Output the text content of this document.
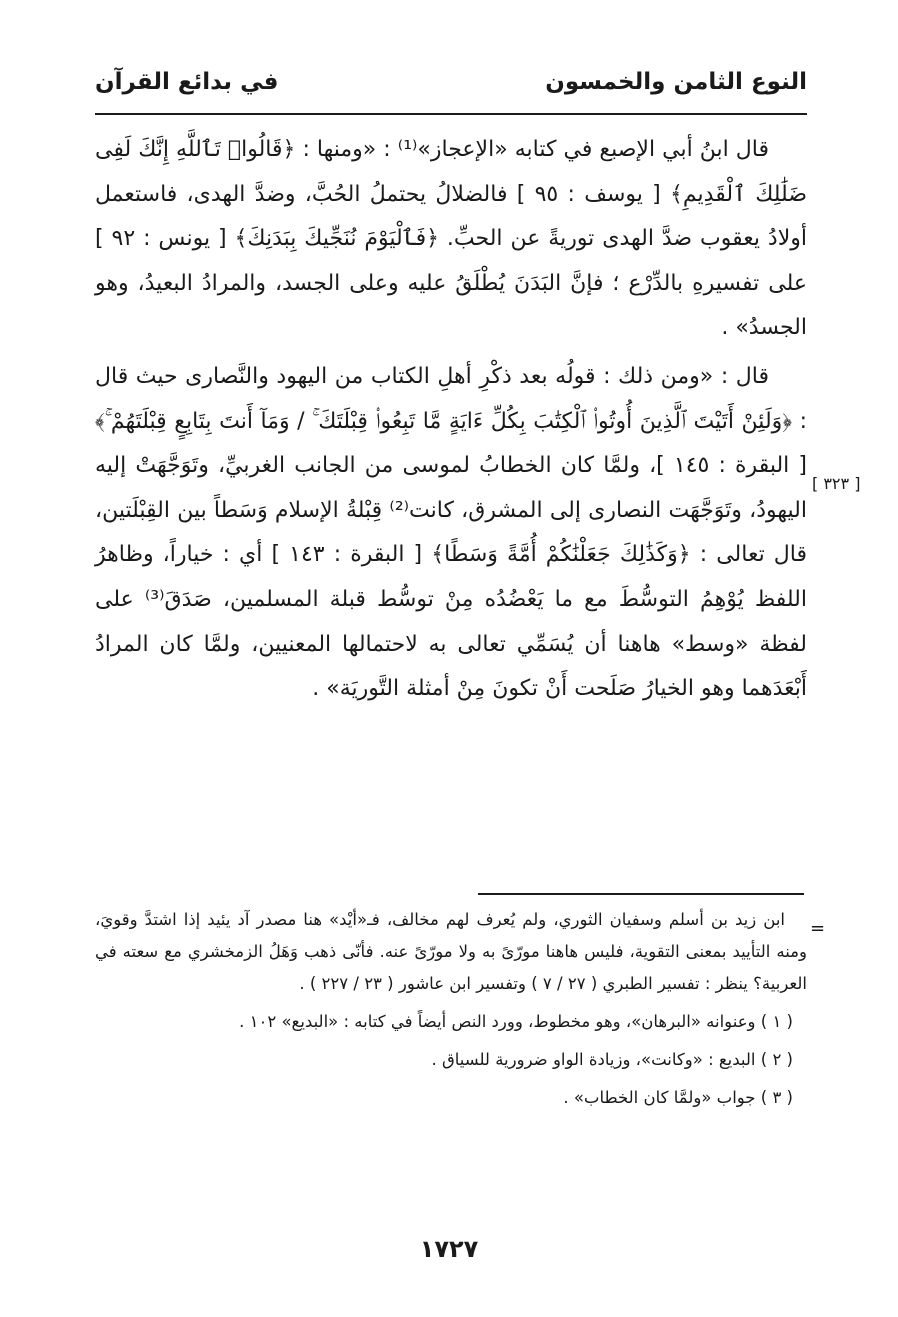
النوع الثامن والخمسون
في بدائع القرآن

قال ابنُ أبي الإصبع في كتابه «الإعجاز»⁽¹⁾ : «ومنها : ﴿قَالُوا۟ تَٱللَّهِ إِنَّكَ لَفِى ضَلَٰلِكَ ٱلْقَدِيمِ﴾ [ يوسف : ٩٥ ] فالضلالُ يحتملُ الحُبَّ، وضدَّ الهدى، فاستعمل أولادُ يعقوب ضدَّ الهدى توريةً عن الحبِّ. ﴿فَٱلْيَوْمَ نُنَجِّيكَ بِبَدَنِكَ﴾ [ يونس : ٩٢ ] على تفسيرهِ بالدِّرْع ؛ فإنَّ البَدَنَ يُطْلَقُ عليه وعلى الجسد، والمرادُ البعيدُ، وهو الجسدُ» .

قال : «ومن ذلك : قولُه بعد ذكْرِ أهلِ الكتاب من اليهود والنَّصارى حيث قال : ﴿وَلَئِنْ أَتَيْتَ ٱلَّذِينَ أُوتُوا۟ ٱلْكِتَٰبَ بِكُلِّ ءَايَةٍ مَّا تَبِعُوا۟ قِبْلَتَكَ ۚ / وَمَآ أَنتَ بِتَابِعٍ قِبْلَتَهُمْ ۚ﴾ [ البقرة : ١٤٥ ]، ولمَّا كان الخطابُ لموسى من الجانب الغربيِّ، وتَوَجَّهَتْ إليه اليهودُ، وتَوَجَّهَت النصارى إلى المشرق، كانت⁽²⁾ قِبْلةُ الإسلام وَسَطاً بين القِبْلَتين، قال تعالى : ﴿وَكَذَٰلِكَ جَعَلْنَٰكُمْ أُمَّةً وَسَطًا﴾ [ البقرة : ١٤٣ ] أي : خياراً، وظاهرُ اللفظ يُوْهِمُ التوسُّطَ مع ما يَعْضُدُه مِنْ توسُّط قبلة المسلمين، صَدَقَ⁽³⁾ على لفظة «وسط» هاهنا أن يُسَمِّي تعالى به لاحتمالها المعنيين، ولمَّا كان المرادُ أَبْعَدَهما وهو الخيارُ صَلَحت أَنْ تكونَ مِنْ أمثلة التَّوريَة» .

[ ٣٢٣ ]
=

ابن زيد بن أسلم وسفيان الثوري، ولم يُعرف لهم مخالف، فـ«أيْد» هنا مصدر آد يئيد إذا اشتدَّ وقويَ، ومنه التأييد بمعنى التقوية، فليس هاهنا مورّىً به ولا مورّىً عنه. فأنّى ذهب وَهَلُ الزمخشري مع سعته في العربية؟ ينظر : تفسير الطبري ( ٢٧ / ٧ ) وتفسير ابن عاشور ( ٢٣ / ٢٢٧ ) .

( ١ ) وعنوانه «البرهان»، وهو مخطوط، وورد النص أيضاً في كتابه : «البديع» ١٠٢ .

( ٢ ) البديع : «وكانت»، وزيادة الواو ضرورية للسياق .

( ٣ ) جواب «ولمَّا كان الخطاب» .

١٧٢٧
